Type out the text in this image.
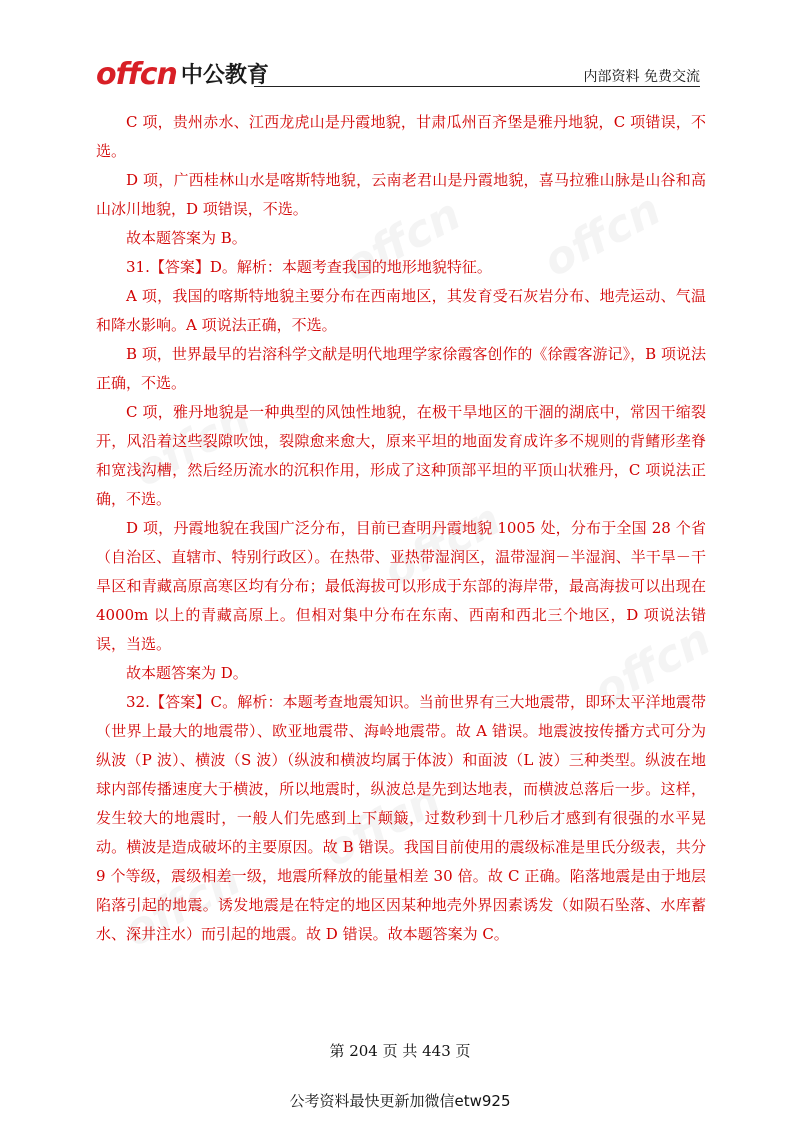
offcn 中公教育	内部资料 免费交流

C 项，贵州赤水、江西龙虎山是丹霞地貌，甘肃瓜州百齐堡是雅丹地貌，C 项错误，不选。

D 项，广西桂林山水是喀斯特地貌，云南老君山是丹霞地貌，喜马拉雅山脉是山谷和高山冰川地貌，D 项错误，不选。

故本题答案为 B。

31.【答案】D。解析：本题考查我国的地形地貌特征。

A 项，我国的喀斯特地貌主要分布在西南地区，其发育受石灰岩分布、地壳运动、气温和降水影响。A 项说法正确，不选。

B 项，世界最早的岩溶科学文献是明代地理学家徐霞客创作的《徐霞客游记》，B 项说法正确，不选。

C 项，雅丹地貌是一种典型的风蚀性地貌，在极干旱地区的干涸的湖底中，常因干缩裂开，风沿着这些裂隙吹蚀，裂隙愈来愈大，原来平坦的地面发育成许多不规则的背鳍形垄脊和宽浅沟槽，然后经历流水的沉积作用，形成了这种顶部平坦的平顶山状雅丹，C 项说法正确，不选。

D 项，丹霞地貌在我国广泛分布，目前已查明丹霞地貌 1005 处，分布于全国 28 个省（自治区、直辖市、特别行政区）。在热带、亚热带湿润区，温带湿润－半湿润、半干旱－干旱区和青藏高原高寒区均有分布；最低海拔可以形成于东部的海岸带，最高海拔可以出现在 4000m 以上的青藏高原上。但相对集中分布在东南、西南和西北三个地区，D 项说法错误，当选。

故本题答案为 D。

32.【答案】C。解析：本题考查地震知识。当前世界有三大地震带，即环太平洋地震带（世界上最大的地震带）、欧亚地震带、海岭地震带。故 A 错误。地震波按传播方式可分为纵波（P 波）、横波（S 波）（纵波和横波均属于体波）和面波（L 波）三种类型。纵波在地球内部传播速度大于横波，所以地震时，纵波总是先到达地表，而横波总落后一步。这样，发生较大的地震时，一般人们先感到上下颠簸，过数秒到十几秒后才感到有很强的水平晃动。横波是造成破坏的主要原因。故 B 错误。我国目前使用的震级标准是里氏分级表，共分 9 个等级，震级相差一级，地震所释放的能量相差 30 倍。故 C 正确。陷落地震是由于地层陷落引起的地震。诱发地震是在特定的地区因某种地壳外界因素诱发（如陨石坠落、水库蓄水、深井注水）而引起的地震。故 D 错误。故本题答案为 C。

第 204 页 共 443 页
公考资料最快更新加微信etw925
